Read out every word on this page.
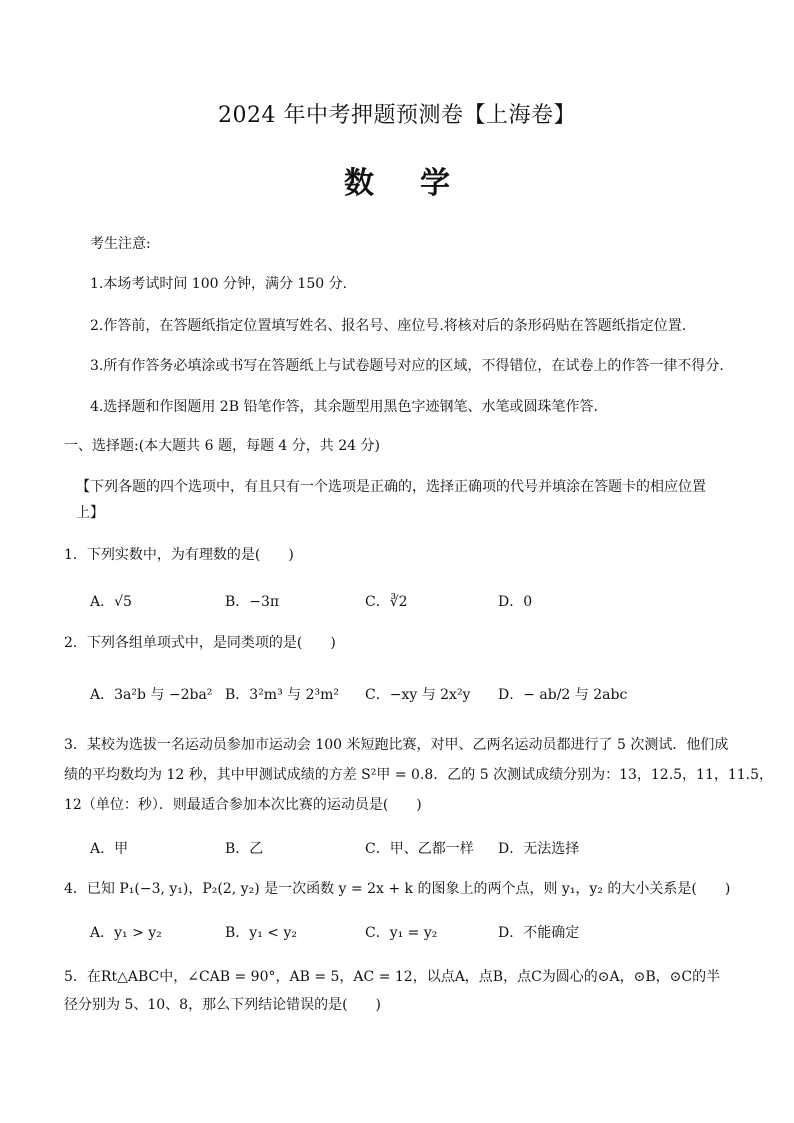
2024 年中考押题预测卷【上海卷】
数 学
考生注意:
1.本场考试时间 100 分钟，满分 150 分.
2.作答前，在答题纸指定位置填写姓名、报名号、座位号.将核对后的条形码贴在答题纸指定位置.
3.所有作答务必填涂或书写在答题纸上与试卷题号对应的区域，不得错位，在试卷上的作答一律不得分.
4.选择题和作图题用 2B 铅笔作答，其余题型用黑色字迹钢笔、水笔或圆珠笔作答.
一、选择题:(本大题共 6 题，每题 4 分，共 24 分)
【下列各题的四个选项中，有且只有一个选项是正确的，选择正确项的代号并填涂在答题卡的相应位置
上】
1．下列实数中，为有理数的是(　　)
A．√5	B．−3π	C．∛2	D．0
2．下列各组单项式中，是同类项的是(　　)
A．3a²b 与 −2ba² B．3²m³ 与 2³m² C．−xy 与 2x²y D．− ab/2 与 2abc
3．某校为选拔一名运动员参加市运动会 100 米短跑比赛，对甲、乙两名运动员都进行了 5 次测试．他们成
绩的平均数均为 12 秒，其中甲测试成绩的方差 S²甲 = 0.8．乙的 5 次测试成绩分别为：13，12.5，11，11.5，
12（单位：秒）．则最适合参加本次比赛的运动员是(　　)
A．甲	B．乙	C．甲、乙都一样 D．无法选择
4．已知 P₁(−3, y₁)，P₂(2, y₂) 是一次函数 y = 2x + k 的图象上的两个点，则 y₁，y₂ 的大小关系是(　　)
A．y₁ > y₂	B．y₁ < y₂	C．y₁ = y₂	D．不能确定
5．在Rt△ABC中，∠CAB = 90°，AB = 5，AC = 12，以点A，点B，点C为圆心的⊙A，⊙B，⊙C的半
径分别为 5、10、8，那么下列结论错误的是(　　)
